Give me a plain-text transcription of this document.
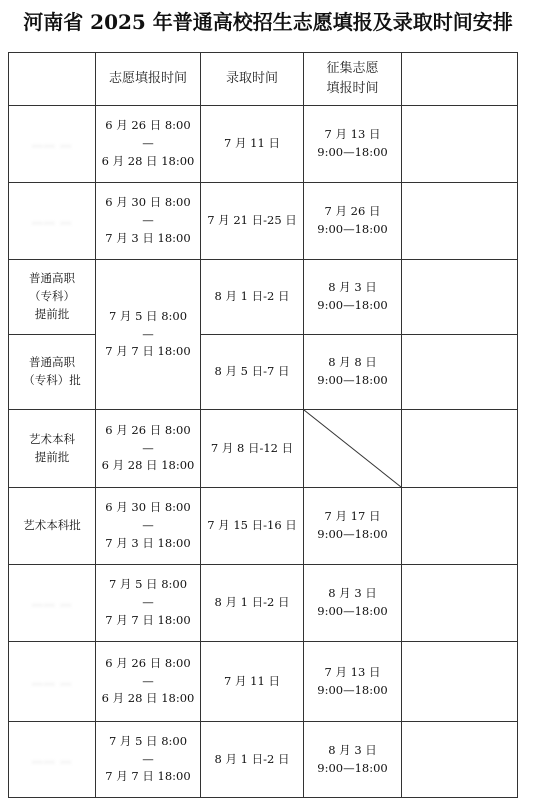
河南省 2025 年普通高校招生志愿填报及录取时间安排
	志愿填报时间	录取时间	征集志愿
填报时间	

…… …	6 月 26 日 8:00
—
6 月 28 日 18:00	7 月 11 日	7 月 13 日
9:00—18:00	

…… …	6 月 30 日 8:00
—
7 月 3 日 18:00	7 月 21 日-25 日	7 月 26 日
9:00—18:00	

普通高职
（专科）
提前批	7 月 5 日 8:00
—
7 月 7 日 18:00	8 月 1 日-2 日	8 月 3 日
9:00—18:00	

普通高职
（专科）批		8 月 5 日-7 日	8 月 8 日
9:00—18:00	

艺术本科
提前批	6 月 26 日 8:00
—
6 月 28 日 18:00	7 月 8 日-12 日	

艺术本科批	6 月 30 日 8:00
—
7 月 3 日 18:00	7 月 15 日-16 日	7 月 17 日
9:00—18:00	

…… …	7 月 5 日 8:00
—
7 月 7 日 18:00	8 月 1 日-2 日	8 月 3 日
9:00—18:00	

…… …	6 月 26 日 8:00
—
6 月 28 日 18:00	7 月 11 日	7 月 13 日
9:00—18:00	

…… …	7 月 5 日 8:00
—
7 月 7 日 18:00	8 月 1 日-2 日	8 月 3 日
9:00—18:00	
